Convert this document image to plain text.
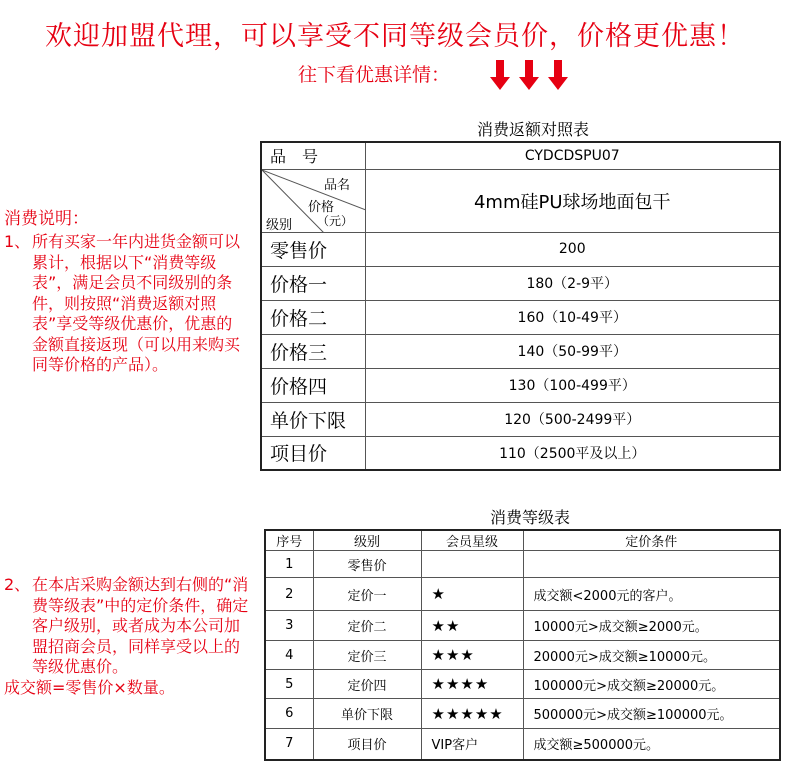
欢迎加盟代理，可以享受不同等级会员价，价格更优惠！
往下看优惠详情：

消费说明：
1、 所有买家一年内进货金额可以累计，根据以下“消费等级表”，满足会员不同级别的条件，则按照“消费返额对照表”享受等级优惠价，优惠的金额直接返现（可以用来购买同等价格的产品）。
2、 在本店采购金额达到右侧的“消费等级表”中的定价条件，确定客户级别，或者成为本公司加盟招商会员，同样享受以上的等级优惠价。
成交额=零售价×数量。
消费返额对照表
品　号	CYDCDSPU07

品名
价格
（元）
级别	4mm硅PU球场地面包干
零售价	200
价格一	180（2-9平）
价格二	160（10-49平）
价格三	140（50-99平）
价格四	130（100-499平）
单价下限	120（500-2499平）
项目价	110（2500平及以上）
消费等级表
序号	级别	会员星级	定价条件
1	零售价		
2	定价一	★	成交额<2000元的客户。
3	定价二	★★	10000元>成交额≥2000元。
4	定价三	★★★	20000元>成交额≥10000元。
5	定价四	★★★★	100000元>成交额≥20000元。
6	单价下限	★★★★★	500000元>成交额≥100000元。
7	项目价	VIP客户	成交额≥500000元。
